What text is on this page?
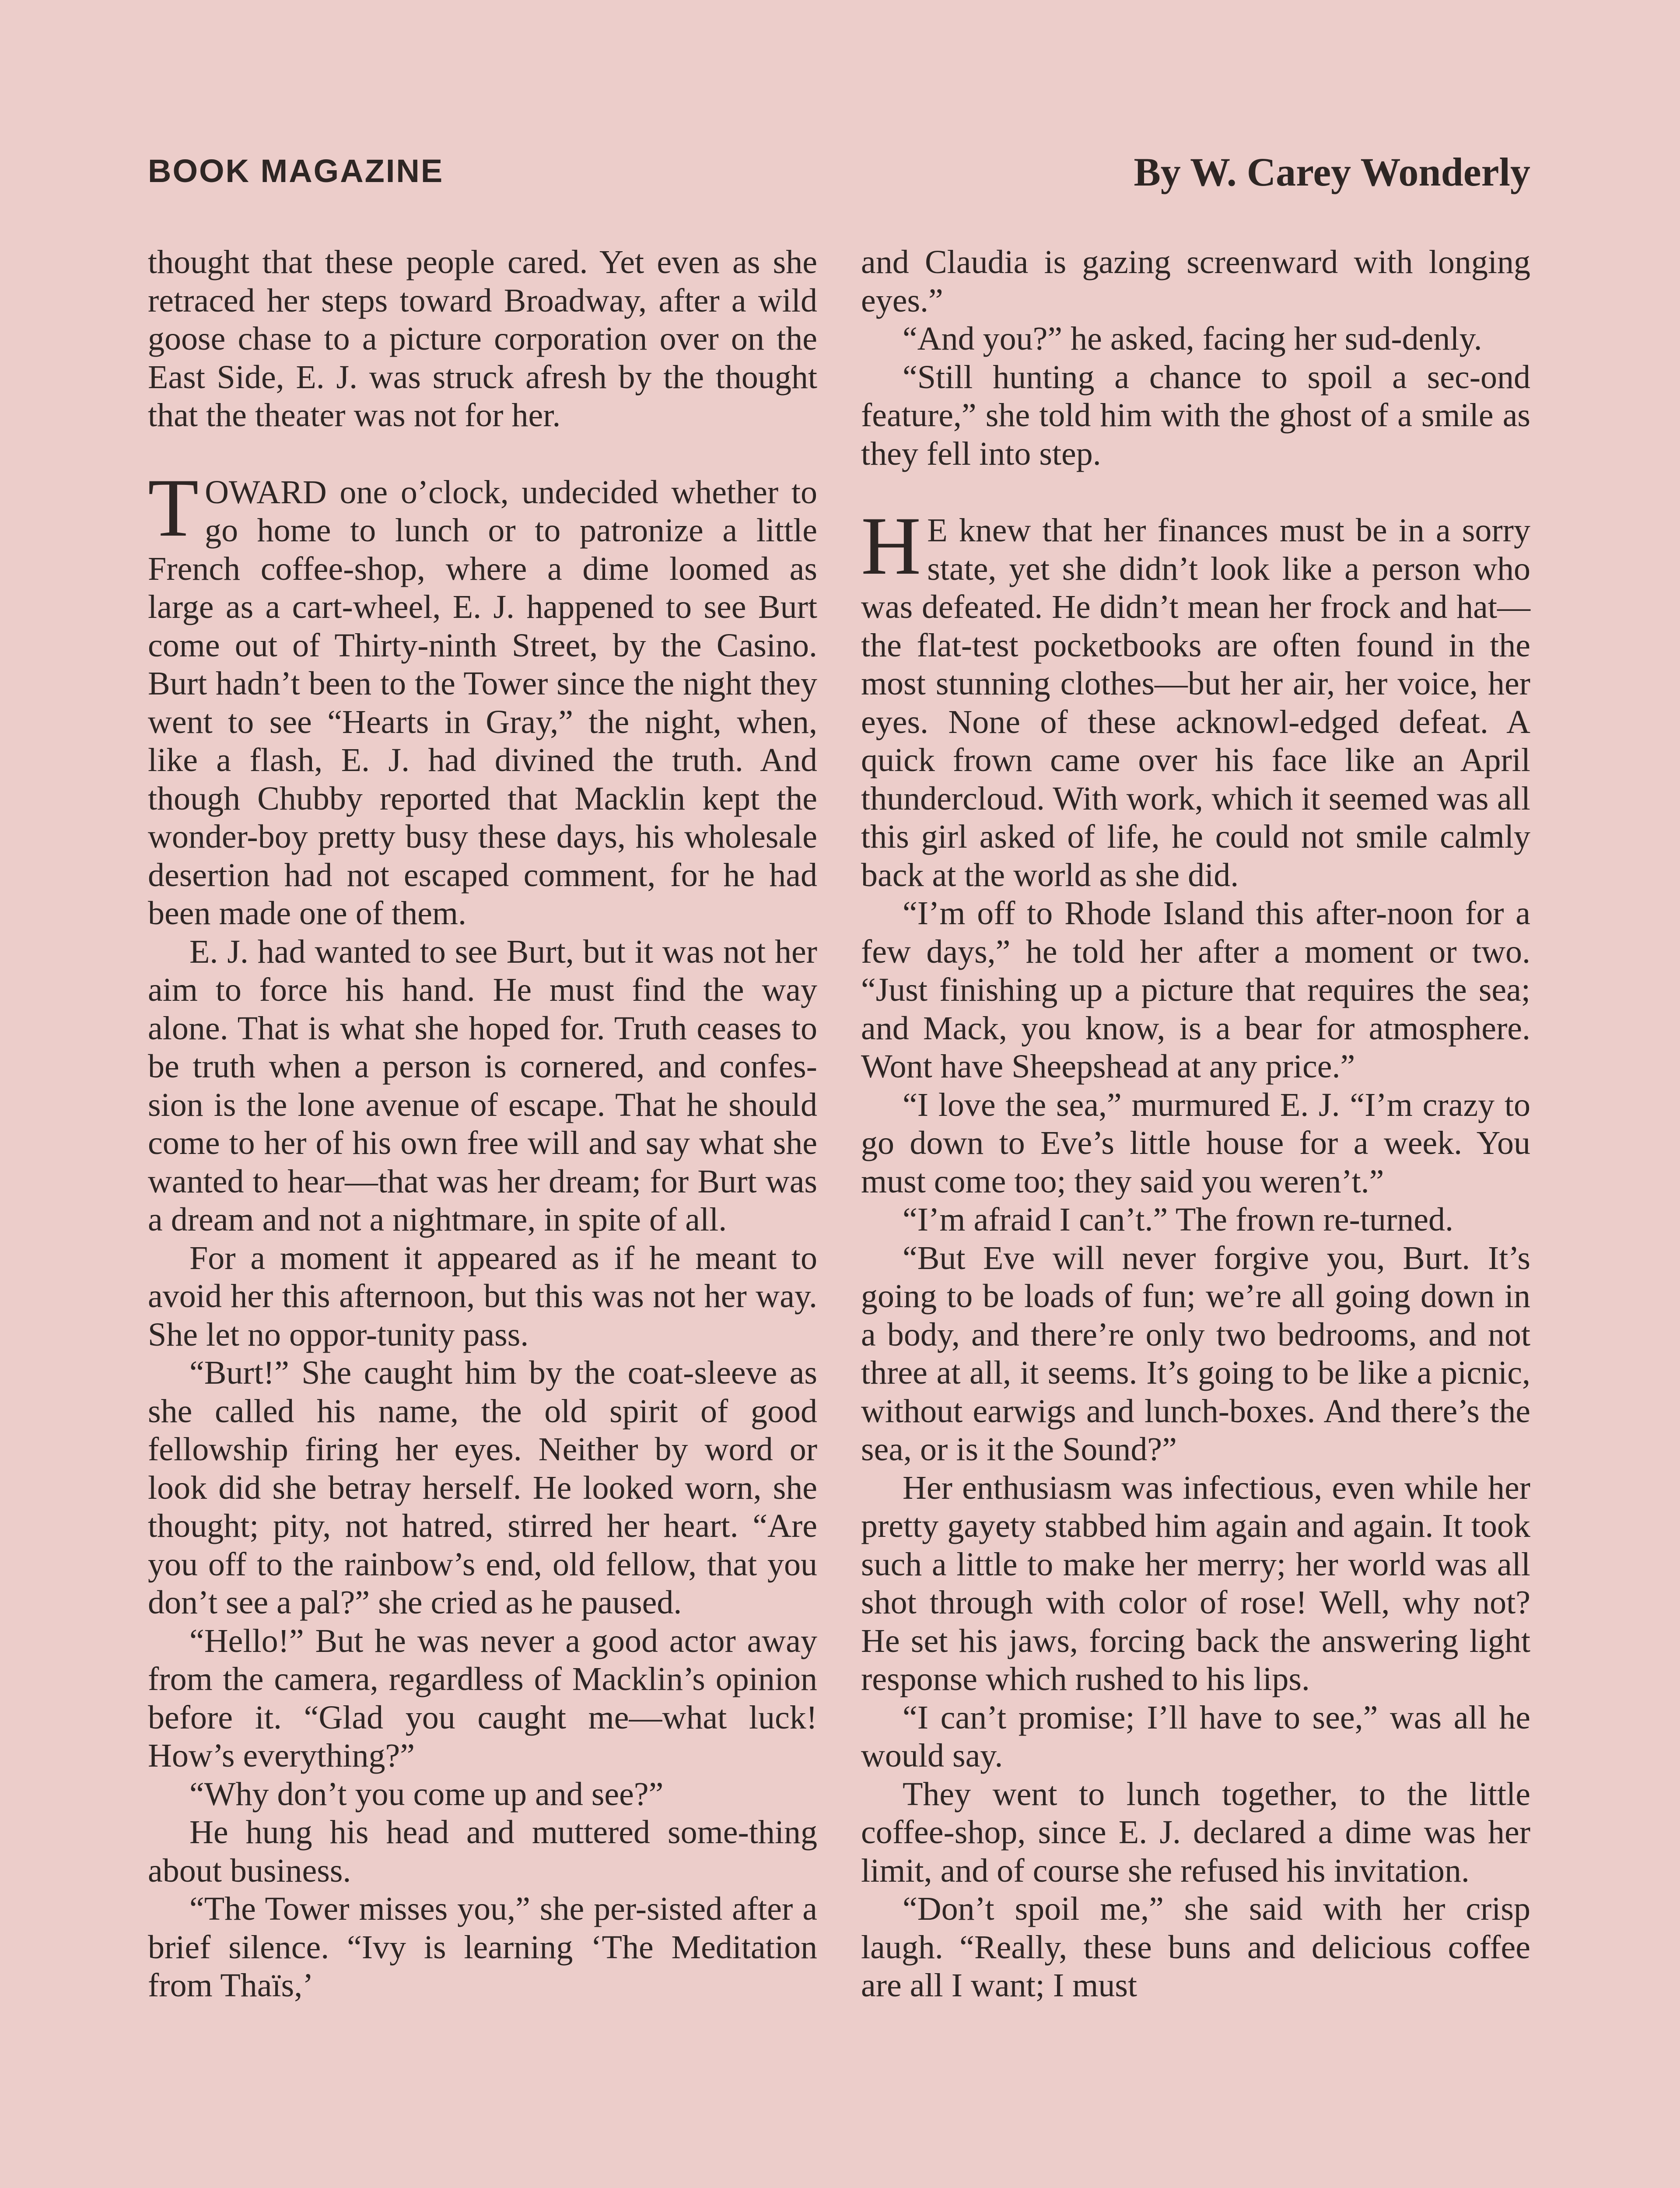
BOOK MAGAZINE	By W. Carey Wonderly

thought that these people cared. Yet even as she retraced her steps toward Broadway, after a wild goose chase to a picture corporation over on the East Side, E. J. was struck afresh by the thought that the theater was not for her.

TOWARD one o’clock, undecided whether to go home to lunch or to patronize a little French coffee-shop, where a dime loomed as large as a cart-wheel, E. J. happened to see Burt come out of Thirty-ninth Street, by the Casino. Burt hadn’t been to the Tower since the night they went to see “Hearts in Gray,” the night, when, like a flash, E. J. had divined the truth. And though Chubby reported that Macklin kept the wonder-boy pretty busy these days, his wholesale desertion had not escaped comment, for he had been made one of them.

E. J. had wanted to see Burt, but it was not her aim to force his hand. He must find the way alone. That is what she hoped for. Truth ceases to be truth when a person is cornered, and confes-sion is the lone avenue of escape. That he should come to her of his own free will and say what she wanted to hear—that was her dream; for Burt was a dream and not a nightmare, in spite of all.

For a moment it appeared as if he meant to avoid her this afternoon, but this was not her way. She let no oppor-tunity pass.

“Burt!” She caught him by the coat-sleeve as she called his name, the old spirit of good fellowship firing her eyes. Neither by word or look did she betray herself. He looked worn, she thought; pity, not hatred, stirred her heart. “Are you off to the rainbow’s end, old fellow, that you don’t see a pal?” she cried as he paused.

“Hello!” But he was never a good actor away from the camera, regardless of Macklin’s opinion before it. “Glad you caught me—what luck! How’s everything?”

“Why don’t you come up and see?”

He hung his head and muttered some-thing about business.

“The Tower misses you,” she per-sisted after a brief silence. “Ivy is learning ‘The Meditation from Thaïs,’

and Claudia is gazing screenward with longing eyes.”

“And you?” he asked, facing her sud-denly.

“Still hunting a chance to spoil a sec-ond feature,” she told him with the ghost of a smile as they fell into step.

H E knew that her finances must be in a sorry state, yet she didn’t look like a person who was defeated. He didn’t mean her frock and hat—the flat-test pocketbooks are often found in the most stunning clothes—but her air, her voice, her eyes. None of these acknowl-edged defeat. A quick frown came over his face like an April thundercloud. With work, which it seemed was all this girl asked of life, he could not smile calmly back at the world as she did.

“I’m off to Rhode Island this after-noon for a few days,” he told her after a moment or two. “Just finishing up a picture that requires the sea; and Mack, you know, is a bear for atmosphere. Wont have Sheepshead at any price.”

“I love the sea,” murmured E. J. “I’m crazy to go down to Eve’s little house for a week. You must come too; they said you weren’t.”

“I’m afraid I can’t.” The frown re-turned.

“But Eve will never forgive you, Burt. It’s going to be loads of fun; we’re all going down in a body, and there’re only two bedrooms, and not three at all, it seems. It’s going to be like a picnic, without earwigs and lunch-boxes. And there’s the sea, or is it the Sound?”

Her enthusiasm was infectious, even while her pretty gayety stabbed him again and again. It took such a little to make her merry; her world was all shot through with color of rose! Well, why not? He set his jaws, forcing back the answering light response which rushed to his lips.

“I can’t promise; I’ll have to see,” was all he would say.

They went to lunch together, to the little coffee-shop, since E. J. declared a dime was her limit, and of course she refused his invitation.

“Don’t spoil me,” she said with her crisp laugh. “Really, these buns and delicious coffee are all I want; I must
